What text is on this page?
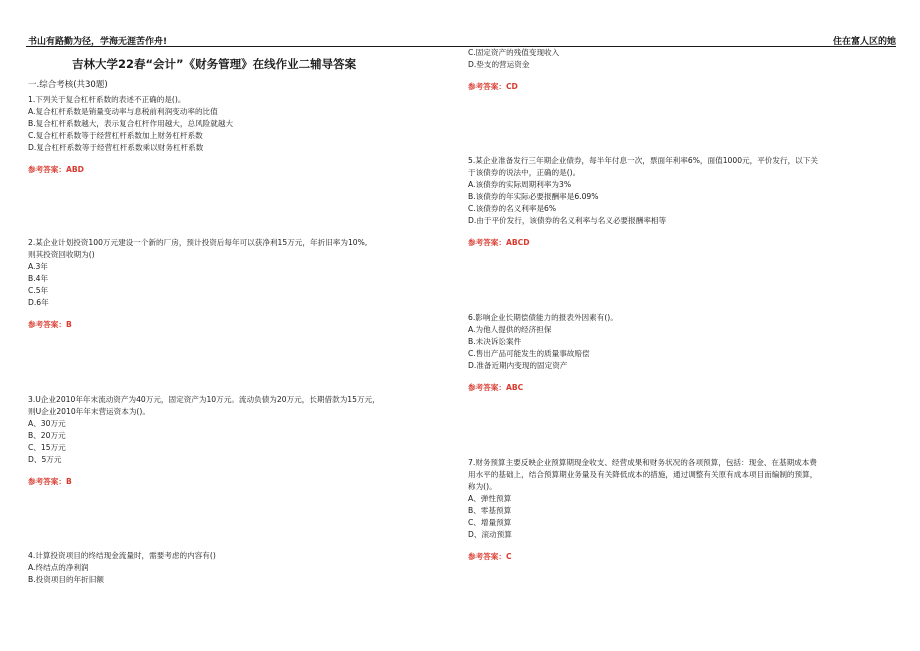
书山有路勤为径，学海无涯苦作舟!	住在富人区的她
吉林大学22春“会计”《财务管理》在线作业二辅导答案
一.综合考核(共30题)
1.下列关于复合杠杆系数的表述不正确的是()。
A.复合杠杆系数是销量变动率与息税前利润变动率的比值
B.复合杠杆系数越大，表示复合杠杆作用越大，总风险就越大
C.复合杠杆系数等于经营杠杆系数加上财务杠杆系数
D.复合杠杆系数等于经营杠杆系数乘以财务杠杆系数
参考答案：ABD
2.某企业计划投资100万元建设一个新的厂房，预计投资后每年可以获净利15万元，年折旧率为10%,
则其投资回收期为()
A.3年
B.4年
C.5年
D.6年
参考答案：B
3.U企业2010年年末流动资产为40万元，固定资产为10万元。流动负债为20万元，长期借款为15万元，
则U企业2010年年末营运资本为()。
A、30万元
B、20万元
C、15万元
D、5万元
参考答案：B
4.计算投资项目的终结现金流量时，需要考虑的内容有()
A.终结点的净利润
B.投资项目的年折旧额
C.固定资产的残值变现收入
D.垫支的营运资金
参考答案：CD
5.某企业准备发行三年期企业债券，每半年付息一次，票面年利率6%，面值1000元，平价发行，以下关
于该债券的说法中，正确的是()。
A.该债券的实际周期利率为3%
B.该债券的年实际必要报酬率是6.09%
C.该债券的名义利率是6%
D.由于平价发行，该债券的名义利率与名义必要报酬率相等
参考答案：ABCD
6.影响企业长期偿债能力的报表外因素有()。
A.为他人提供的经济担保
B.未决诉讼案件
C.售出产品可能发生的质量事故赔偿
D.准备近期内变现的固定资产
参考答案：ABC
7.财务预算主要反映企业预算期现金收支、经营成果和财务状况的各项预算，包括：现金、在基期成本费
用水平的基础上，结合预算期业务量及有关降低成本的措施，通过调整有关原有成本项目而编制的预算，
称为()。
A、弹性预算
B、零基预算
C、增量预算
D、滚动预算
参考答案：C
